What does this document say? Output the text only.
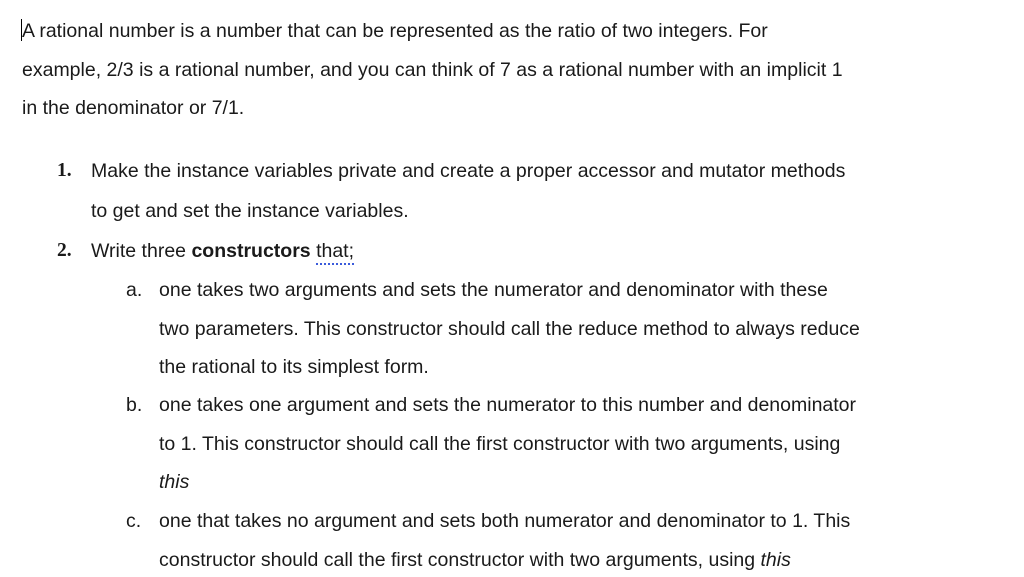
A rational number is a number that can be represented as the ratio of two integers. For
example, 2/3 is a rational number, and you can think of 7 as a rational number with an implicit 1
in the denominator or 7/1.
1. Make the instance variables private and create a proper accessor and mutator methods
to get and set the instance variables.
2. Write three constructors that;
a. one takes two arguments and sets the numerator and denominator with these
two parameters. This constructor should call the reduce method to always reduce
the rational to its simplest form.
b. one takes one argument and sets the numerator to this number and denominator
to 1. This constructor should call the first constructor with two arguments, using
this
c. one that takes no argument and sets both numerator and denominator to 1. This
constructor should call the first constructor with two arguments, using this
